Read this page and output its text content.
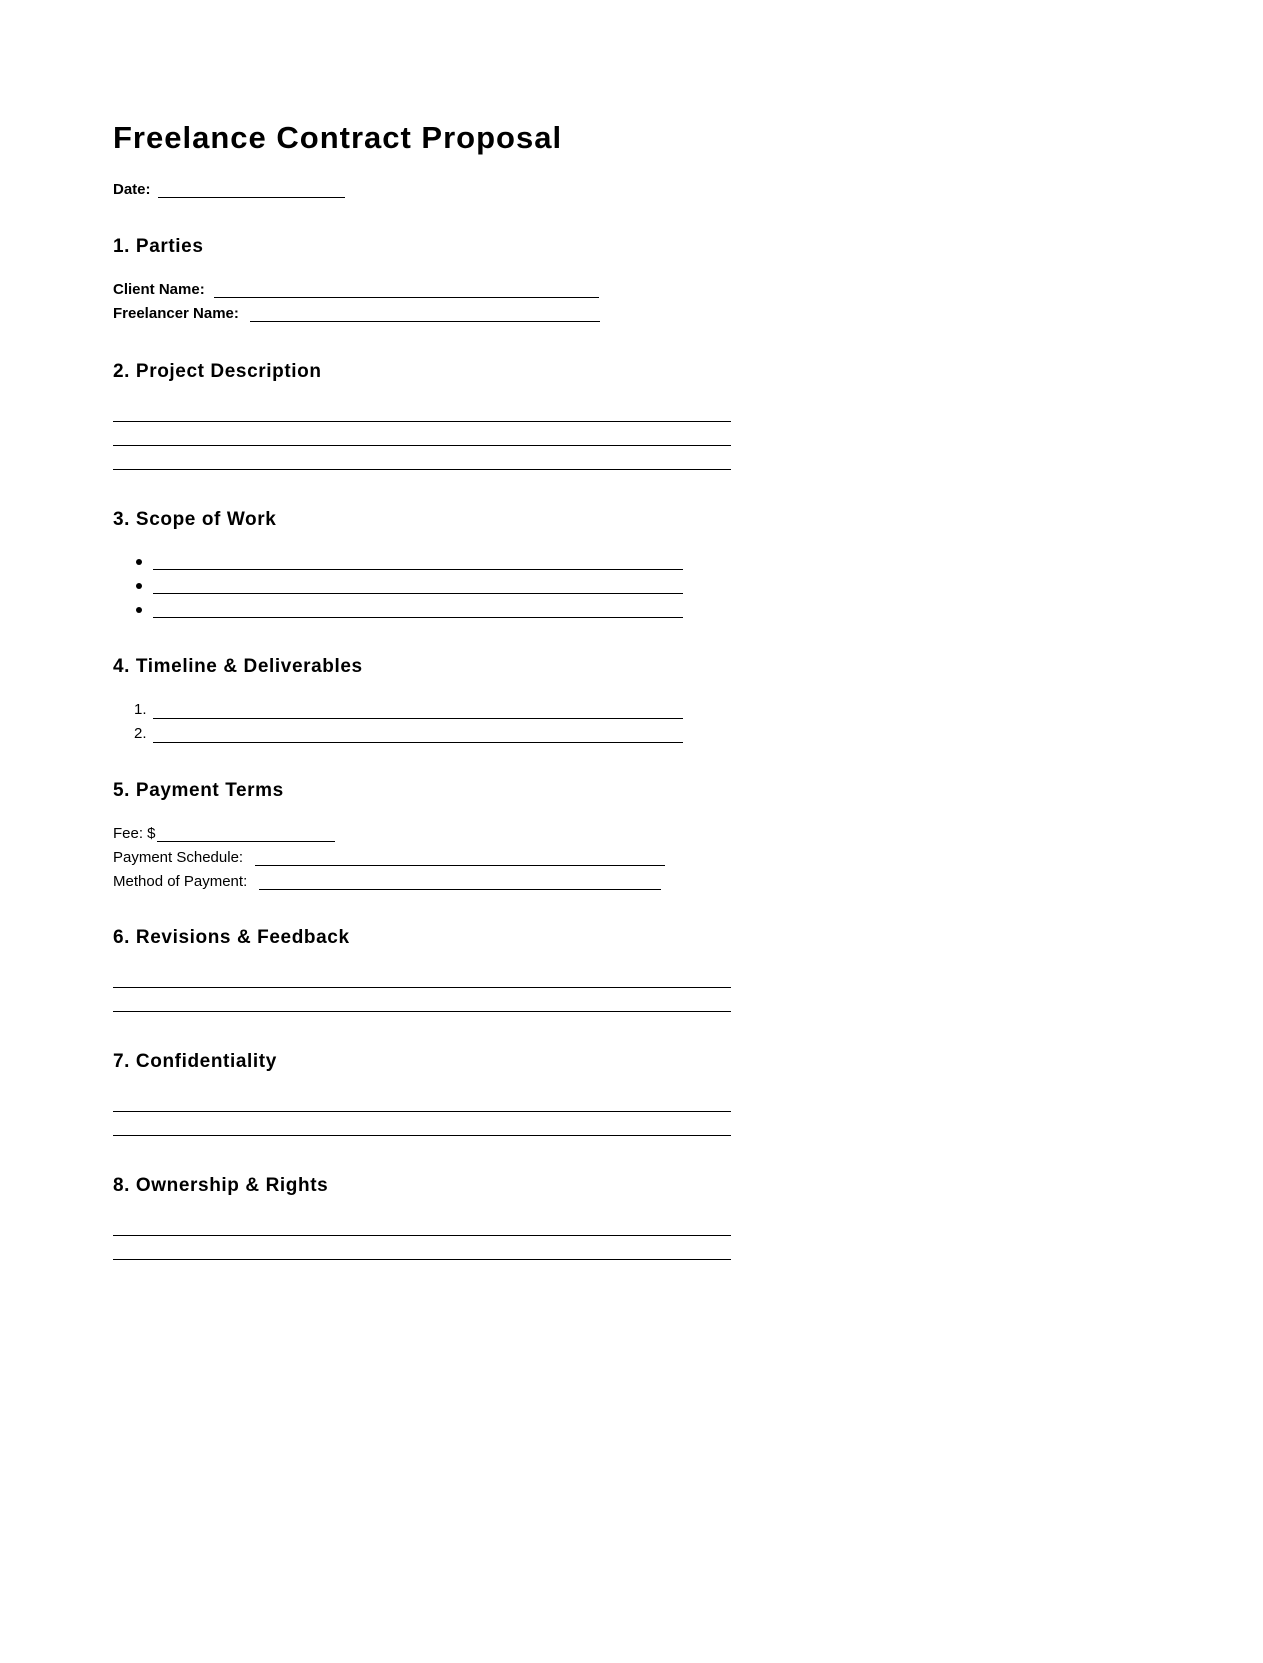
Freelance Contract Proposal
Date:
1. Parties
Client Name:
Freelancer Name:
2. Project Description
3. Scope of Work
4. Timeline & Deliverables
1.
2.
5. Payment Terms
Fee: $
Payment Schedule:
Method of Payment:
6. Revisions & Feedback
7. Confidentiality
8. Ownership & Rights
